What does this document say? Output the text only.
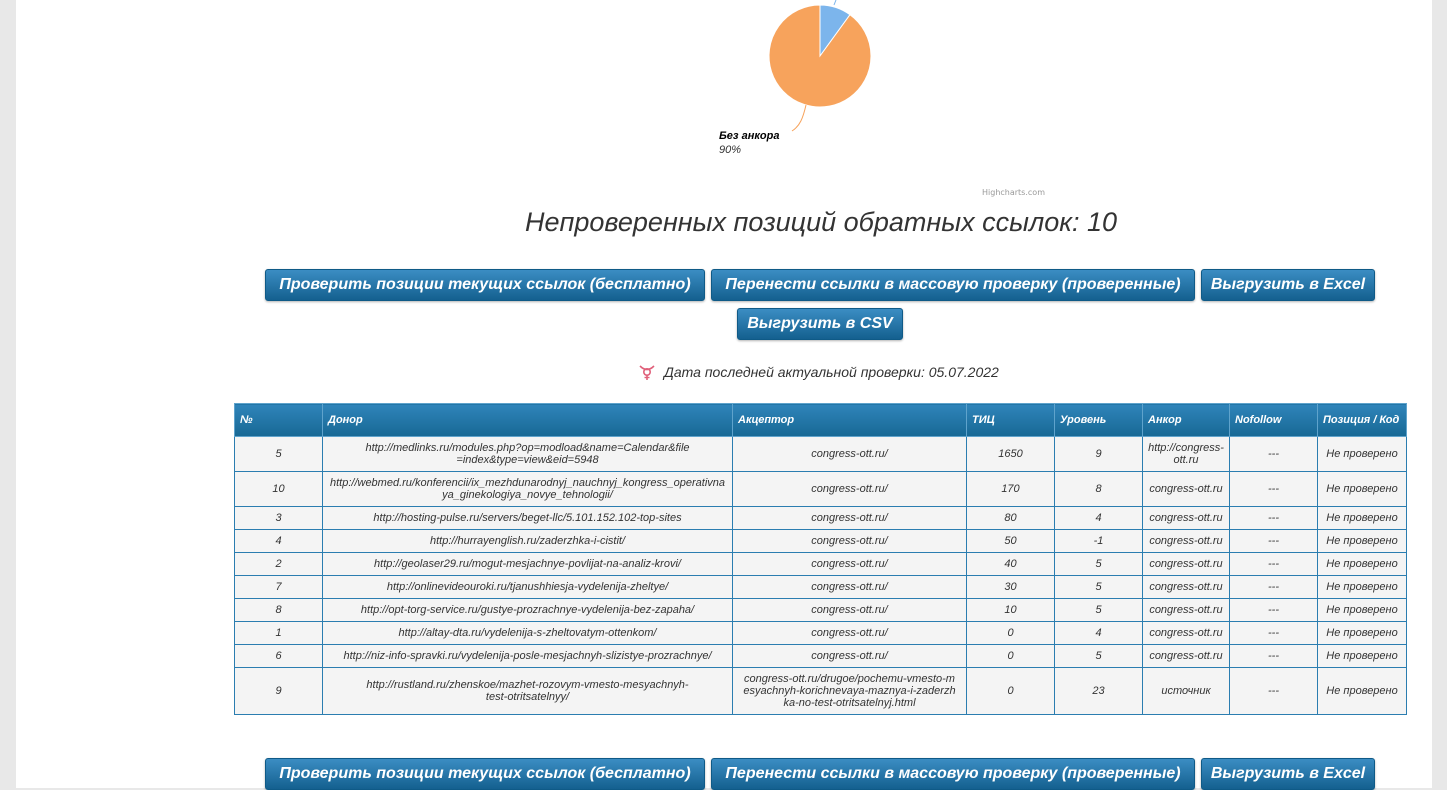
Без анкора
90%
Highcharts.com
Непроверенных позиций обратных ссылок: 10
Проверить позиции текущих ссылок (бесплатно)	Перенести ссылки в массовую проверку (проверенные)	Выгрузить в Excel
Выгрузить в CSV
Дата последней актуальной проверки: 05.07.2022
№	Донор	Акцептор	ТИЦ	Уровень	Анкор	Nofollow	Позиция / Код
5	http://medlinks.ru/modules.php?op=modload&name=Calendar&file=index&type=view&eid=5948	congress-ott.ru/	1650	9	http://congress-ott.ru	---	Не проверено
10	http://webmed.ru/konferencii/ix_mezhdunarodnyj_nauchnyj_kongress_operativnaya_ginekologiya_novye_tehnologii/	congress-ott.ru/	170	8	congress-ott.ru	---	Не проверено
3	http://hosting-pulse.ru/servers/beget-llc/5.101.152.102-top-sites	congress-ott.ru/	80	4	congress-ott.ru	---	Не проверено
4	http://hurrayenglish.ru/zaderzhka-i-cistit/	congress-ott.ru/	50	-1	congress-ott.ru	---	Не проверено
2	http://geolaser29.ru/mogut-mesjachnye-povlijat-na-analiz-krovi/	congress-ott.ru/	40	5	congress-ott.ru	---	Не проверено
7	http://onlinevideouroki.ru/tjanushhiesja-vydelenija-zheltye/	congress-ott.ru/	30	5	congress-ott.ru	---	Не проверено
8	http://opt-torg-service.ru/gustye-prozrachnye-vydelenija-bez-zapaha/	congress-ott.ru/	10	5	congress-ott.ru	---	Не проверено
1	http://altay-dta.ru/vydelenija-s-zheltovatym-ottenkom/	congress-ott.ru/	0	4	congress-ott.ru	---	Не проверено
6	http://niz-info-spravki.ru/vydelenija-posle-mesjachnyh-slizistye-prozrachnye/	congress-ott.ru/	0	5	congress-ott.ru	---	Не проверено
9	http://rustland.ru/zhenskoe/mazhet-rozovym-vmesto-mesyachnyh-test-otritsatelnyy/	congress-ott.ru/drugoe/pochemu-vmesto-mesyachnyh-korichnevaya-maznya-i-zaderzhka-no-test-otritsatelnyj.html	0	23	источник	---	Не проверено
Проверить позиции текущих ссылок (бесплатно)	Перенести ссылки в массовую проверку (проверенные)	Выгрузить в Excel
